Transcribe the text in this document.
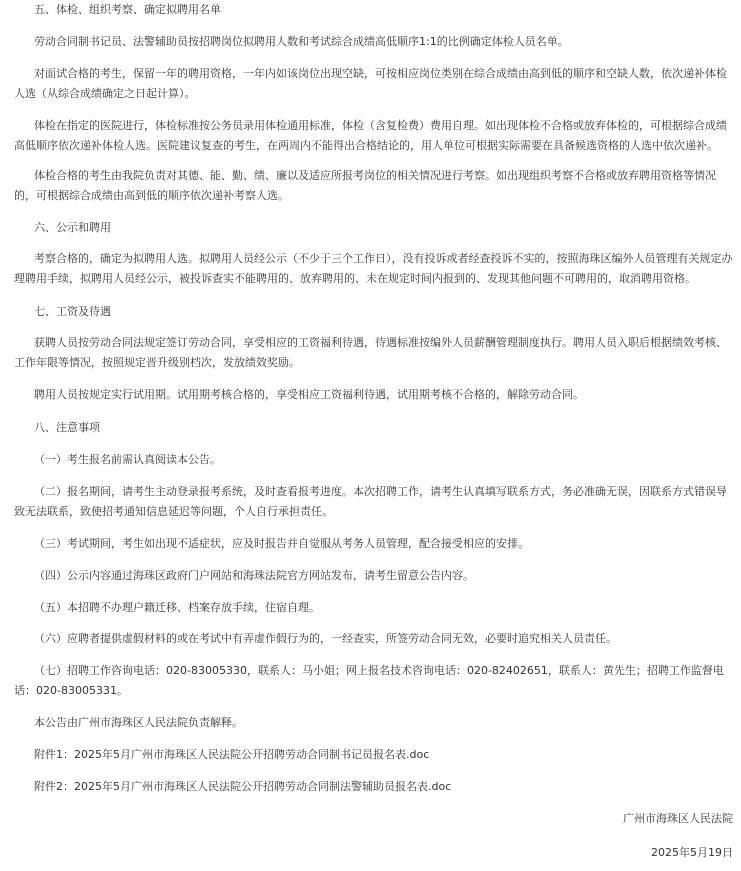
五、体检、组织考察、确定拟聘用名单

劳动合同制书记员、法警辅助员按招聘岗位拟聘用人数和考试综合成绩高低顺序1:1的比例确定体检人员名单。

对面试合格的考生，保留一年的聘用资格，一年内如该岗位出现空缺，可按相应岗位类别在综合成绩由高到低的顺序和空缺人数，依次递补体检人选（从综合成绩确定之日起计算）。

体检在指定的医院进行，体检标准按公务员录用体检通用标准，体检（含复检费）费用自理。如出现体检不合格或放弃体检的，可根据综合成绩高低顺序依次递补体检人选。医院建议复查的考生，在两周内不能得出合格结论的，用人单位可根据实际需要在具备候选资格的人选中依次递补。

体检合格的考生由我院负责对其德、能、勤、绩、廉以及适应所报考岗位的相关情况进行考察。如出现组织考察不合格或放弃聘用资格等情况的，可根据综合成绩由高到低的顺序依次递补考察人选。

六、公示和聘用

考察合格的，确定为拟聘用人选。拟聘用人员经公示（不少于三个工作日），没有投诉或者经查投诉不实的，按照海珠区编外人员管理有关规定办理聘用手续，拟聘用人员经公示，被投诉查实不能聘用的、放弃聘用的、未在规定时间内报到的、发现其他问题不可聘用的，取消聘用资格。

七、工资及待遇

获聘人员按劳动合同法规定签订劳动合同，享受相应的工资福利待遇，待遇标准按编外人员薪酬管理制度执行。聘用人员入职后根据绩效考核、工作年限等情况，按照规定晋升级别档次，发放绩效奖励。

聘用人员按规定实行试用期。试用期考核合格的，享受相应工资福利待遇，试用期考核不合格的，解除劳动合同。

八、注意事项

（一）考生报名前需认真阅读本公告。

（二）报名期间，请考生主动登录报考系统，及时查看报考进度。本次招聘工作，请考生认真填写联系方式，务必准确无误，因联系方式错误导致无法联系，致使招考通知信息延迟等问题，个人自行承担责任。

（三）考试期间，考生如出现不适症状，应及时报告并自觉服从考务人员管理，配合接受相应的安排。

（四）公示内容通过海珠区政府门户网站和海珠法院官方网站发布，请考生留意公告内容。

（五）本招聘不办理户籍迁移、档案存放手续，住宿自理。

（六）应聘者提供虚假材料的或在考试中有弄虚作假行为的，一经查实，所签劳动合同无效，必要时追究相关人员责任。

（七）招聘工作咨询电话：020-83005330，联系人：马小姐；网上报名技术咨询电话：020-82402651，联系人：黄先生；招聘工作监督电话：020-83005331。

本公告由广州市海珠区人民法院负责解释。

附件1：2025年5月广州市海珠区人民法院公开招聘劳动合同制书记员报名表.doc

附件2：2025年5月广州市海珠区人民法院公开招聘劳动合同制法警辅助员报名表.doc

广州市海珠区人民法院
2025年5月19日
